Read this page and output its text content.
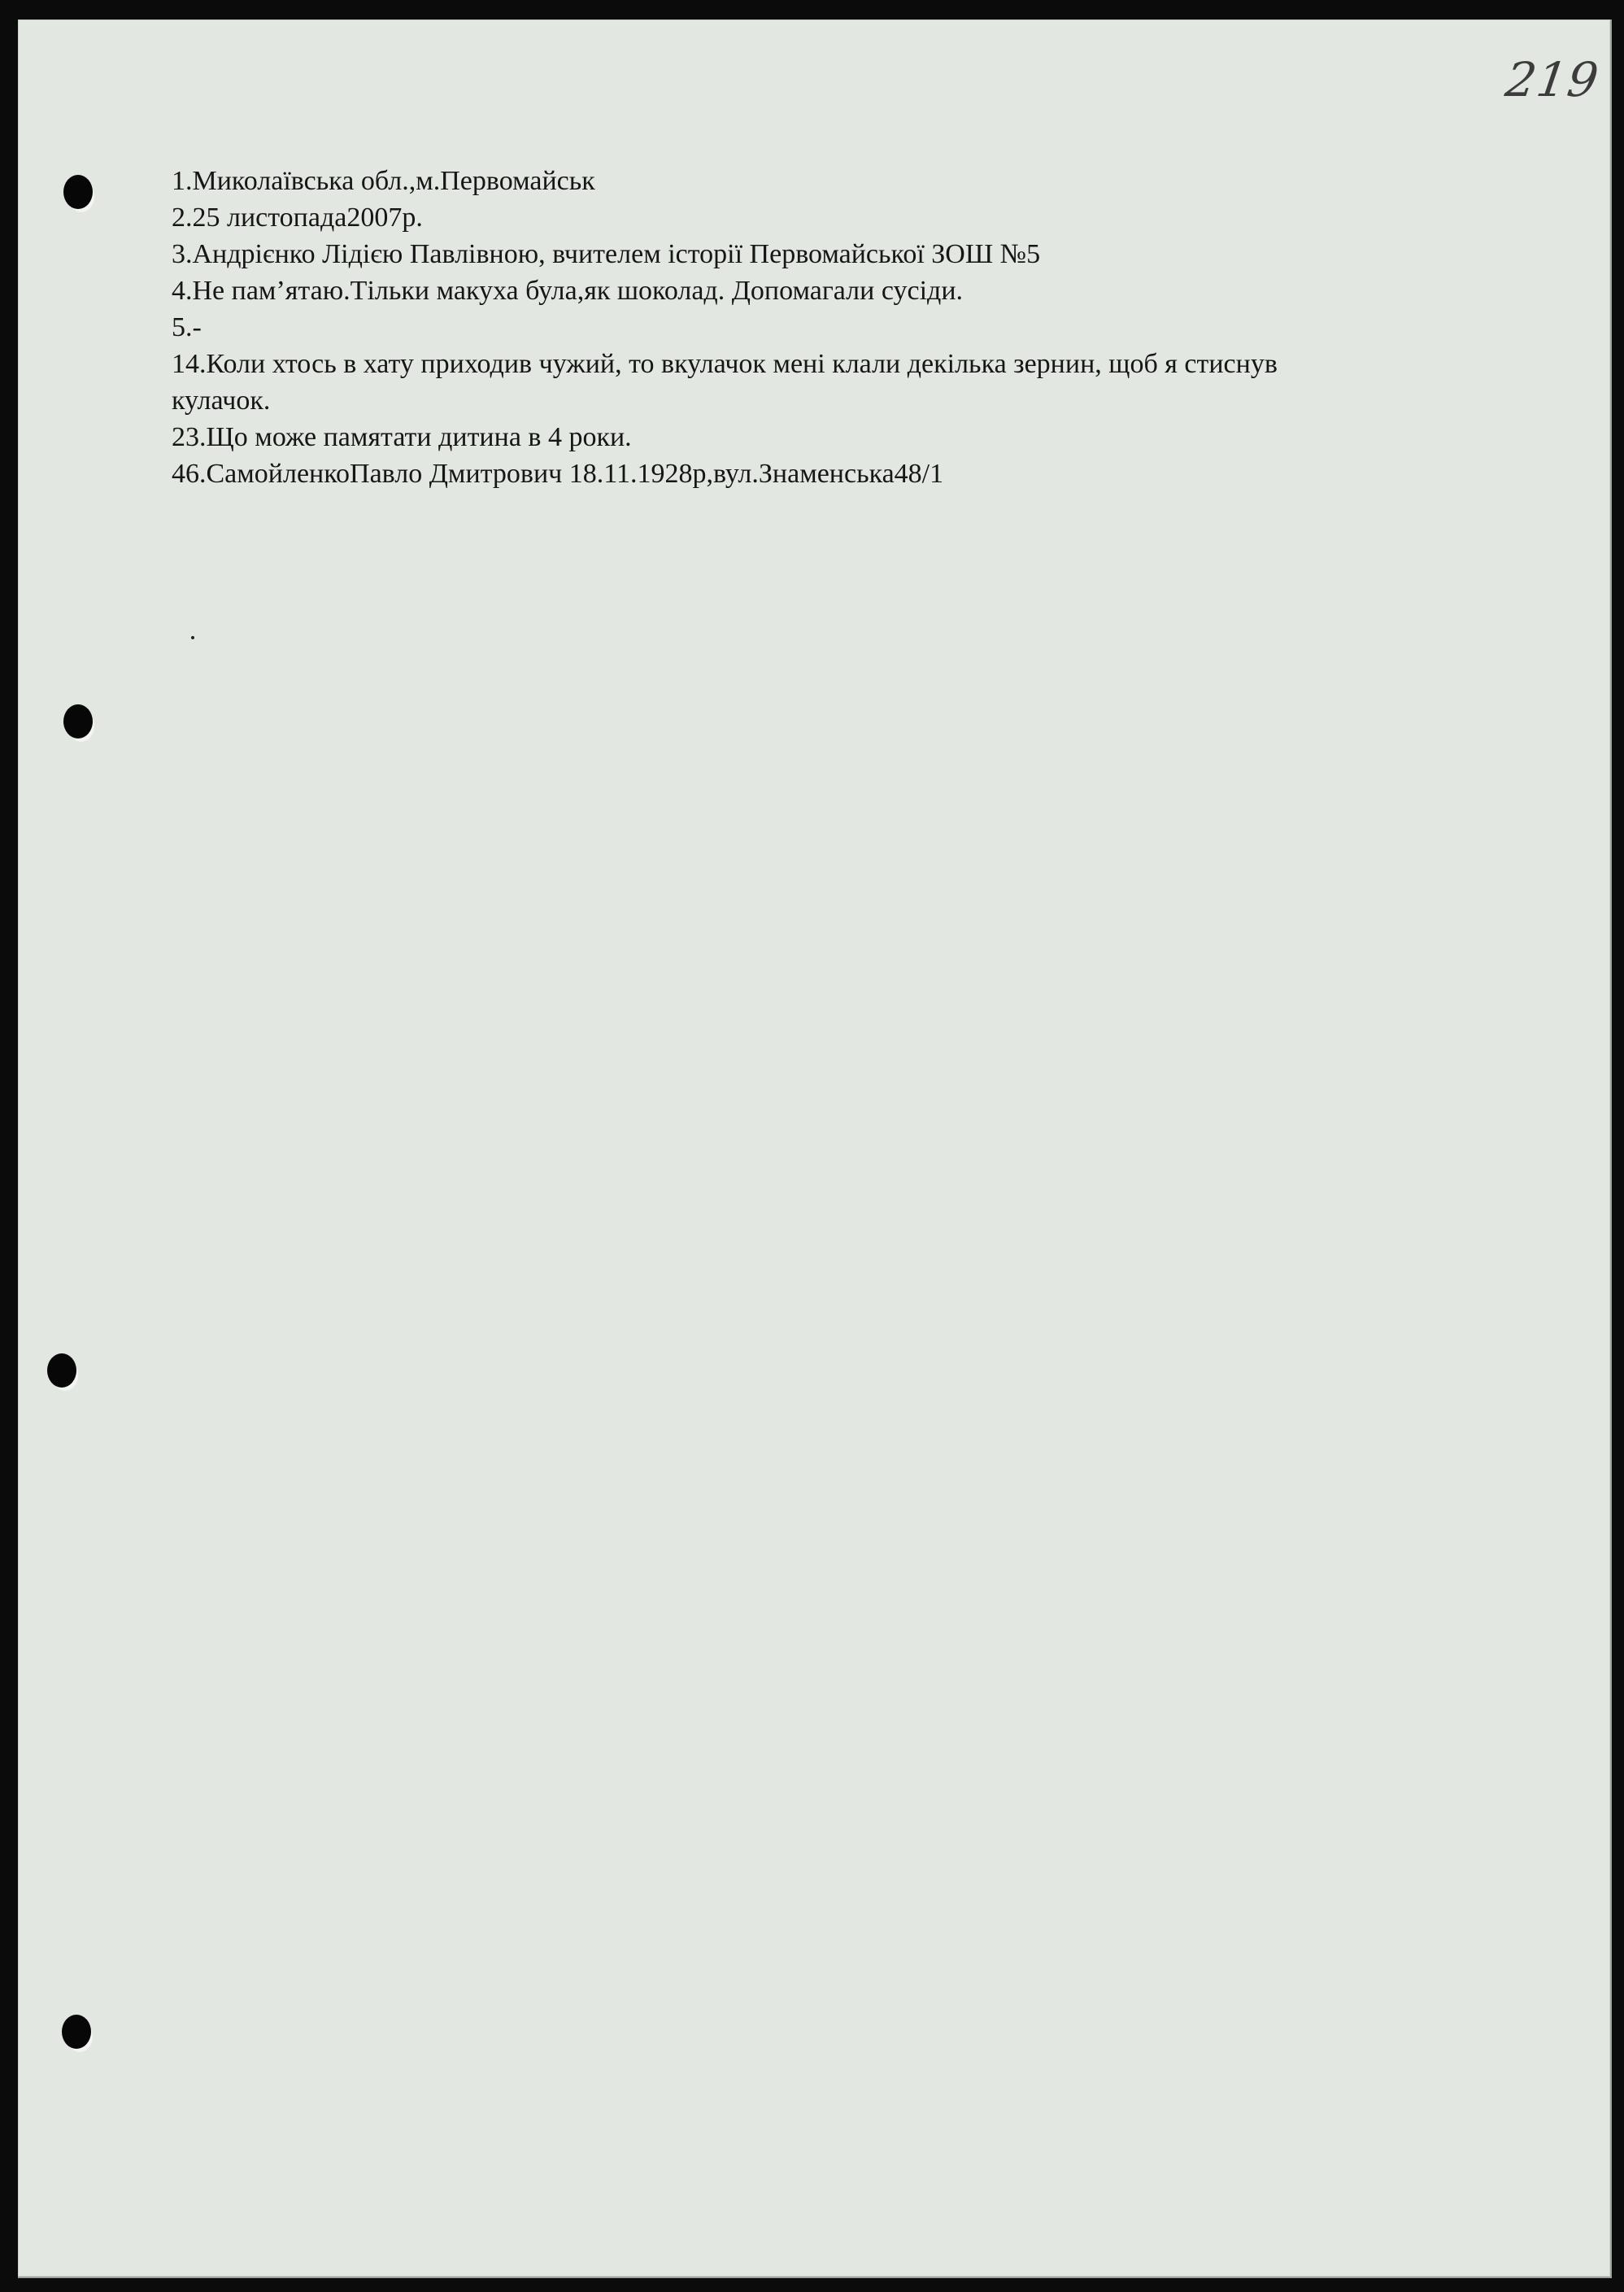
219

1.Миколаївська обл.,м.Первомайськ

2.25 листопада2007р.

3.Андрієнко Лідією Павлівною, вчителем історії Первомайської ЗОШ №5

4.Не пам’ятаю.Тільки макуха була,як шоколад. Допомагали сусіди.

5.-

14.Коли хтось в хату приходив чужий, то вкулачок мені клали декілька зернин, щоб я стиснув

кулачок.

23.Що може памятати дитина в 4 роки.

46.СамойленкоПавло Дмитрович 18.11.1928р,вул.Знаменська48/1
